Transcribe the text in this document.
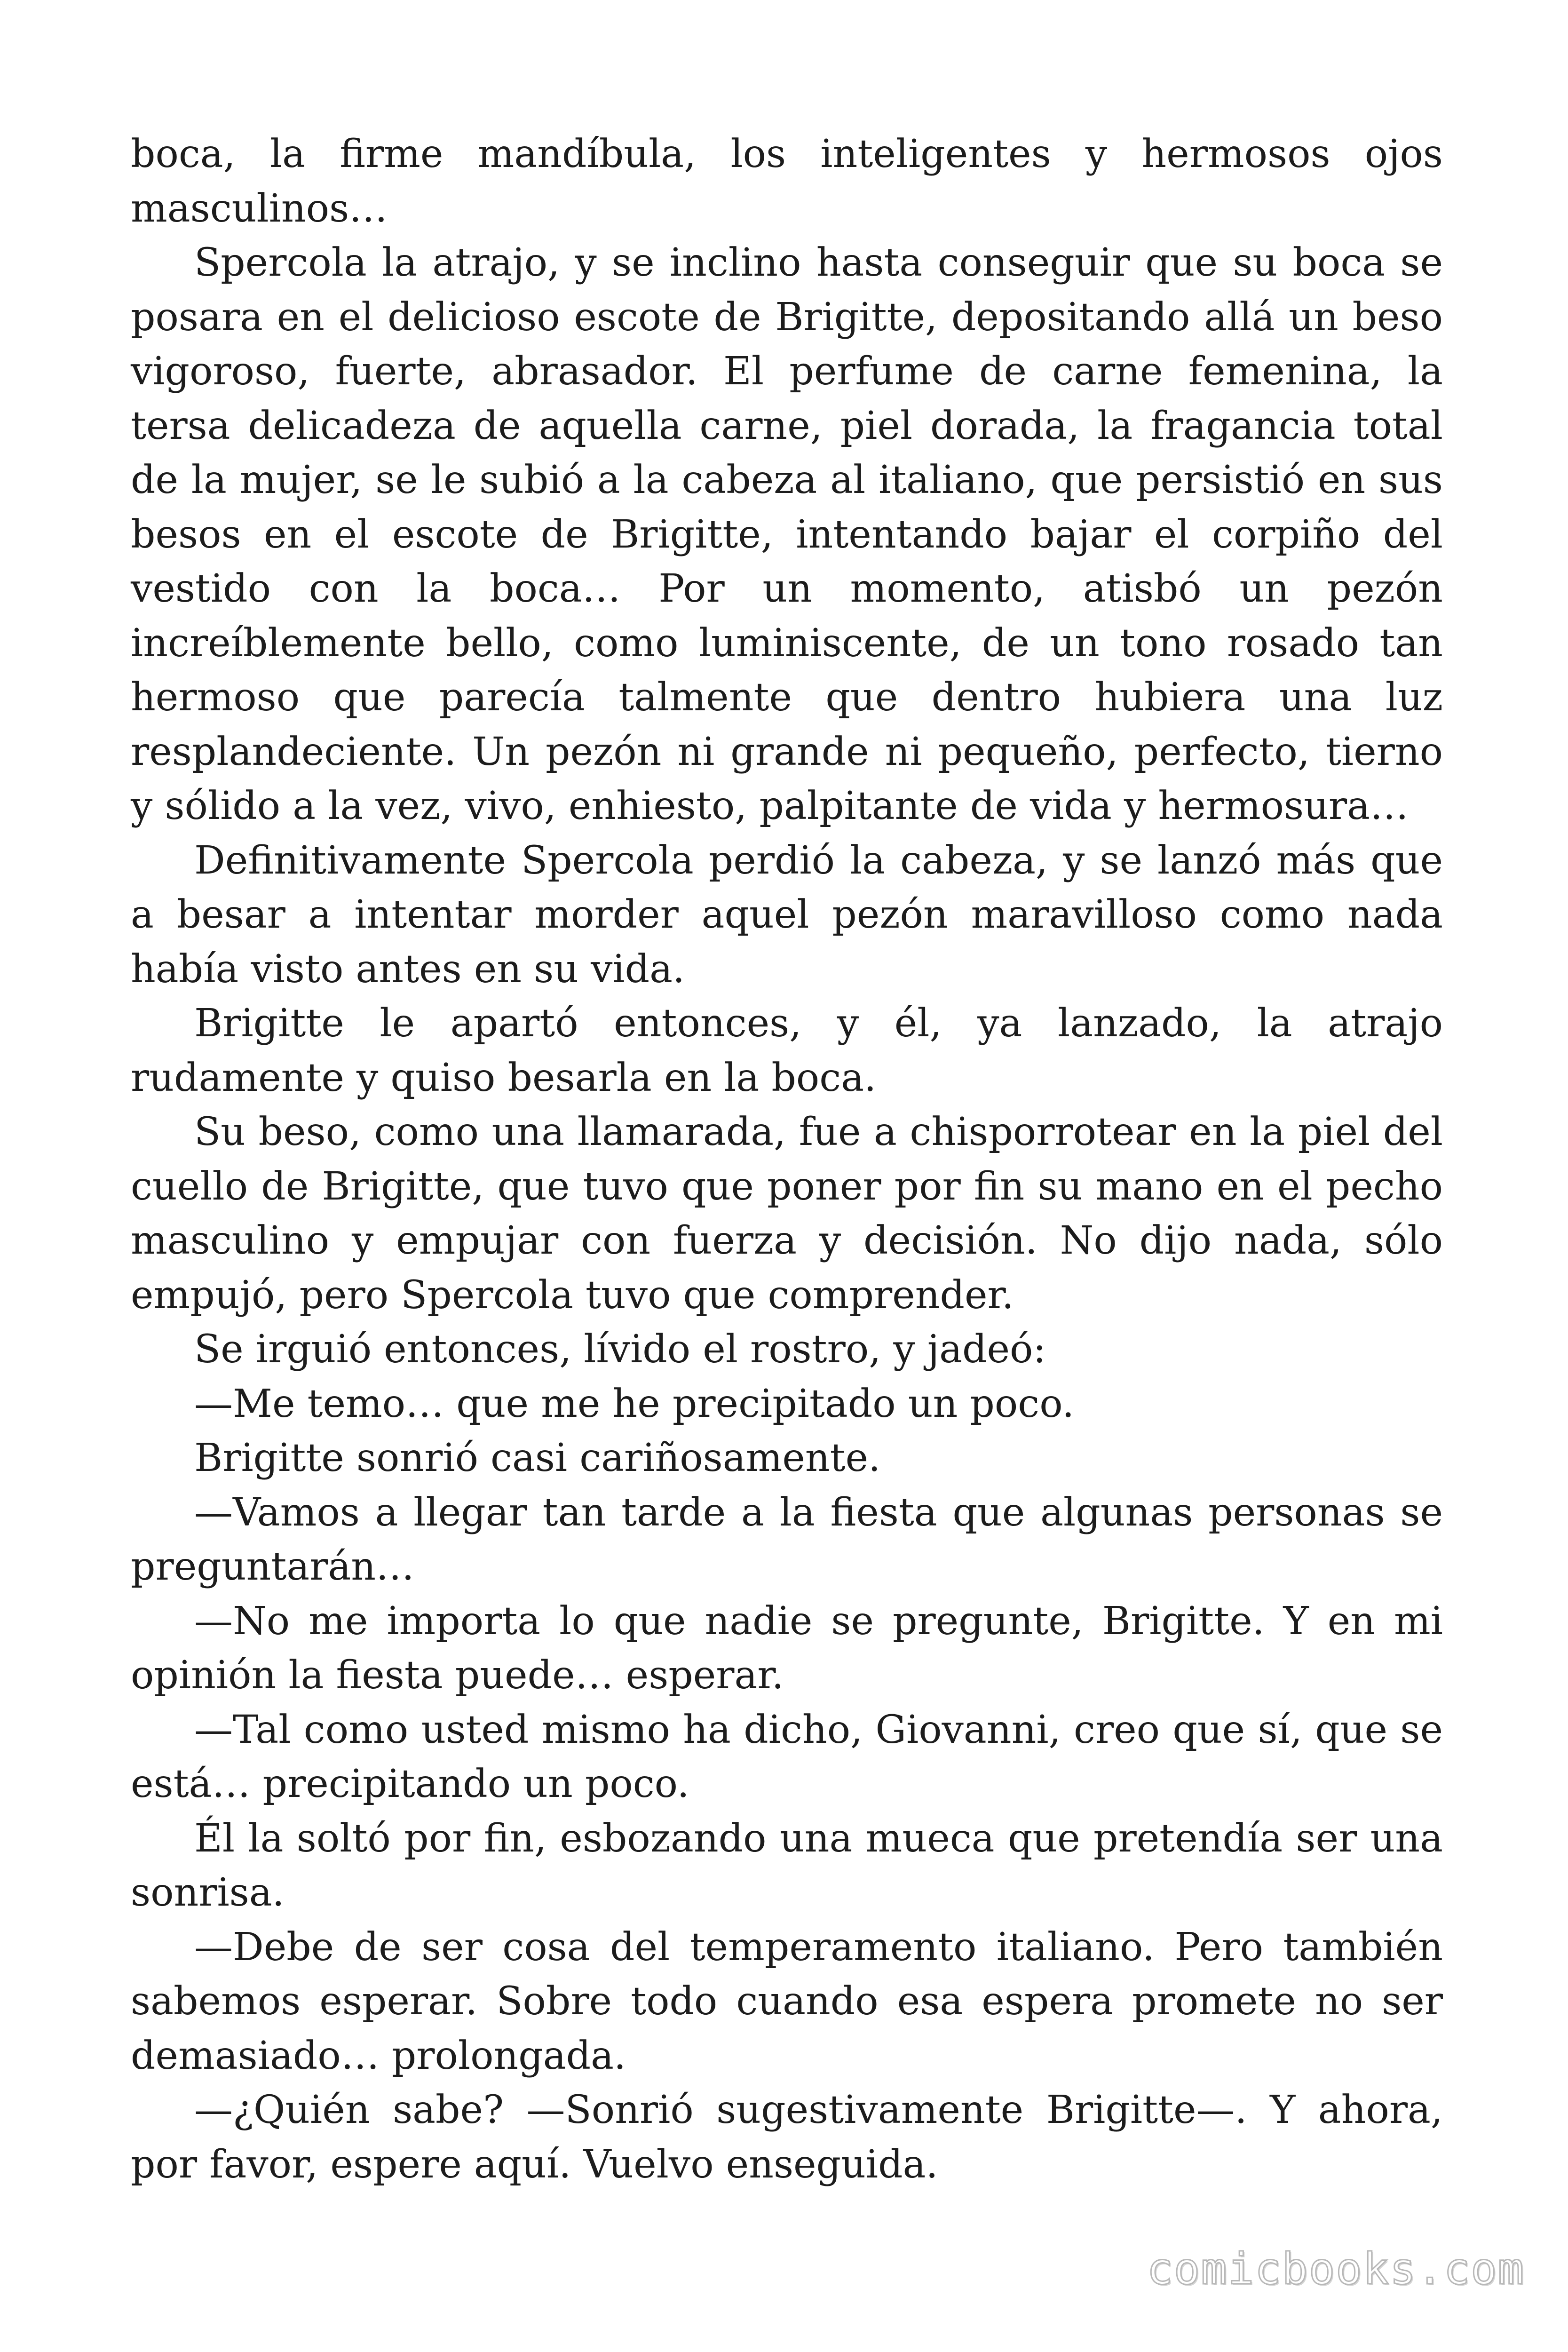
boca, la firme mandíbula, los inteligentes y hermosos ojos masculinos…

Spercola la atrajo, y se inclino hasta conseguir que su boca se posara en el delicioso escote de Brigitte, depositando allá un beso vigoroso, fuerte, abrasador. El perfume de carne femenina, la tersa delicadeza de aquella carne, piel dorada, la fragancia total de la mujer, se le subió a la cabeza al italiano, que persistió en sus besos en el escote de Brigitte, intentando bajar el corpiño del vestido con la boca… Por un momento, atisbó un pezón increíblemente bello, como luminiscente, de un tono rosado tan hermoso que parecía talmente que dentro hubiera una luz resplandeciente. Un pezón ni grande ni pequeño, perfecto, tierno y sólido a la vez, vivo, enhiesto, palpitante de vida y hermosura…

Definitivamente Spercola perdió la cabeza, y se lanzó más que a besar a intentar morder aquel pezón maravilloso como nada había visto antes en su vida.

Brigitte le apartó entonces, y él, ya lanzado, la atrajo rudamente y quiso besarla en la boca.

Su beso, como una llamarada, fue a chisporrotear en la piel del cuello de Brigitte, que tuvo que poner por fin su mano en el pecho masculino y empujar con fuerza y decisión. No dijo nada, sólo empujó, pero Spercola tuvo que comprender.

Se irguió entonces, lívido el rostro, y jadeó:

—Me temo… que me he precipitado un poco.

Brigitte sonrió casi cariñosamente.

—Vamos a llegar tan tarde a la fiesta que algunas personas se preguntarán…

—No me importa lo que nadie se pregunte, Brigitte. Y en mi opinión la fiesta puede… esperar.

—Tal como usted mismo ha dicho, Giovanni, creo que sí, que se está… precipitando un poco.

Él la soltó por fin, esbozando una mueca que pretendía ser una sonrisa.

—Debe de ser cosa del temperamento italiano. Pero también sabemos esperar. Sobre todo cuando esa espera promete no ser demasiado… prolongada.

—¿Quién sabe? —Sonrió sugestivamente Brigitte—. Y ahora, por favor, espere aquí. Vuelvo enseguida.

comicbooks.com
